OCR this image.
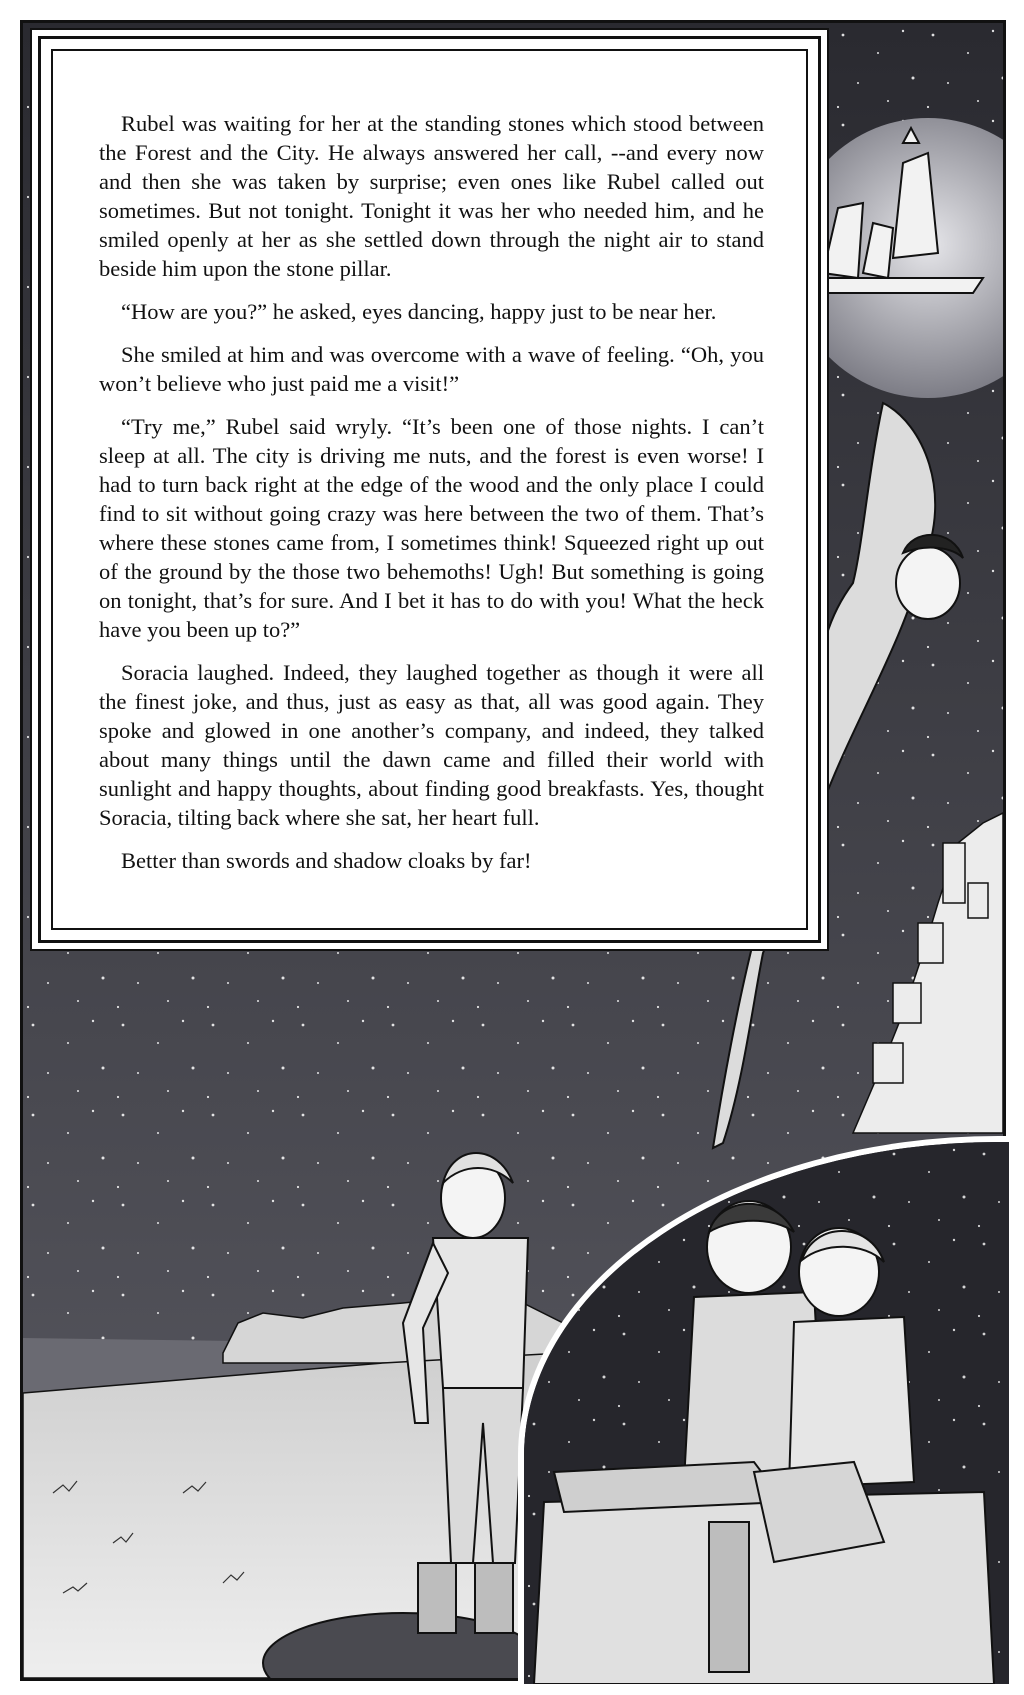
Rubel was waiting for her at the standing stones which stood between the Forest and the City. He always answered her call, --and every now and then she was taken by surprise; even ones like Rubel called out sometimes. But not tonight. Tonight it was her who needed him, and he smiled openly at her as she settled down through the night air to stand beside him upon the stone pillar.

“How are you?” he asked, eyes dancing, happy just to be near her.

She smiled at him and was overcome with a wave of feeling. “Oh, you won’t believe who just paid me a visit!”

“Try me,” Rubel said wryly. “It’s been one of those nights. I can’t sleep at all. The city is driving me nuts, and the forest is even worse! I had to turn back right at the edge of the wood and the only place I could find to sit without going crazy was here between the two of them. That’s where these stones came from, I sometimes think! Squeezed right up out of the ground by the those two behemoths! Ugh! But something is going on tonight, that’s for sure. And I bet it has to do with you! What the heck have you been up to?”

Soracia laughed. Indeed, they laughed together as though it were all the finest joke, and thus, just as easy as that, all was good again. They spoke and glowed in one another’s company, and indeed, they talked about many things until the dawn came and filled their world with sunlight and happy thoughts, about finding good breakfasts. Yes, thought Soracia, tilting back where she sat, her heart full.

Better than swords and shadow cloaks by far!
